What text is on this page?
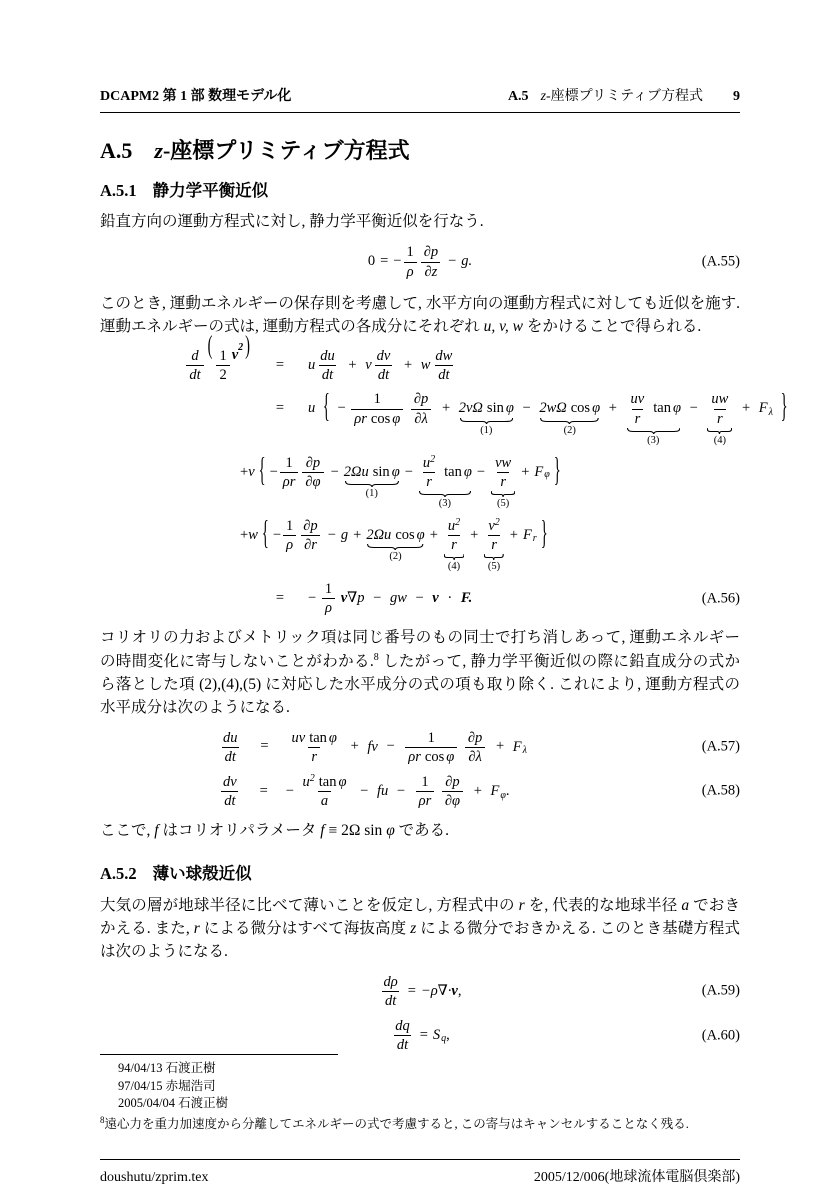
DCAPM2 第 1 部 数理モデル化	A.5 z-座標プリミティブ方程式 9
A.5 z-座標プリミティブ方程式
A.5.1 静力学平衡近似

鉛直方向の運動方程式に対し, 静力学平衡近似を行なう.

0 = − $\frac{1}{\rho} \frac{\partial p}{\partial z} - g$.	(A.55)

このとき, 運動エネルギーの保存則を考慮して, 水平方向の運動方程式に対しても近似を施す. 運動エネルギーの式は, 運動方程式の各成分にそれぞれ u, v, w をかけることで得られる.

$\frac{d}{dt}$
(
$\frac{1}{2}$ v 2 )
=	u $\frac{du}{dt} + v \frac{dv}{dt} + w \frac{dw}{dt}$
=	u { − $\frac{1}{\text{ρr cos φ}}$
$\frac{\partial p}{\partial\lambda} + 2v\Omega$ sin φ
(1)
− 2wΩ cos φ
(2)
+ $\frac{uv}{r}$ tan φ
(3)
− $\frac{uw}{r}$
(4)
+ $F_\lambda$ }
+ v { − $\frac{1}{\rho r} \frac{\partial p}{\partial\varphi} - 2\Omega u$ sin φ
(1)
− $\frac{u^2}{r}$ tan φ
(3)
− $\frac{vw}{r}$
(5)
+ F φ }
+ w { − $\frac{1}{\rho} \frac{\partial p}{\partial r} - g + 2\Omega u$ cos φ
(2)
+ $\frac{u^2}{r}$
(4)
+ $\frac{v^2}{r}$
(5)
+ F r }
=	− $\frac{1}{\rho} v\nabla p$ − gw − v · F.	(A.56)

コリオリの力およびメトリック項は同じ番号のもの同士で打ち消しあって, 運動エネルギーの時間変化に寄与しないことがわかる.$^8$ したがって, 静力学平衡近似の際に鉛直成分の式から落とした項 (2),(4),(5) に対応した水平成分の式の項も取り除く. これにより, 運動方程式の水平成分は次のようになる.

$\frac{du}{dt}$	=	$\frac{\text{uv tan φ}}{r}$ + fv − $\frac{1}{\text{ρr cos φ}}$
$\frac{\partial p}{\partial\lambda} + F_\lambda$	(A.57)
$\frac{dv}{dt}$	=	− $\frac{u^2 \tan \varphi}{a}$ − fu − $\frac{1}{\rho r}$
$\frac{\partial p}{\partial\varphi} + F_\varphi$.	(A.58)

ここで, f はコリオリパラメータ f ≡ 2Ω sin φ である.

A.5.2 薄い球殻近似

大気の層が地球半径に比べて薄いことを仮定し, 方程式中の r を, 代表的な地球半径 a でおきかえる. また, r による微分はすべて海抜高度 z による微分でおきかえる. このとき基礎方程式は次のようになる.

$\frac{d\rho}{dt} = -\rho\nabla\cdot v$ ,	(A.59)
$\frac{dq}{dt} = S$ q ,	(A.60)
94/04/13 石渡正樹
97/04/15 赤堀浩司
2005/04/04 石渡正樹
$^8$遠心力を重力加速度から分離してエネルギーの式で考慮すると, この寄与はキャンセルすることなく残る.
doushutu/zprim.tex	2005/12/006(地球流体電脳倶楽部)
